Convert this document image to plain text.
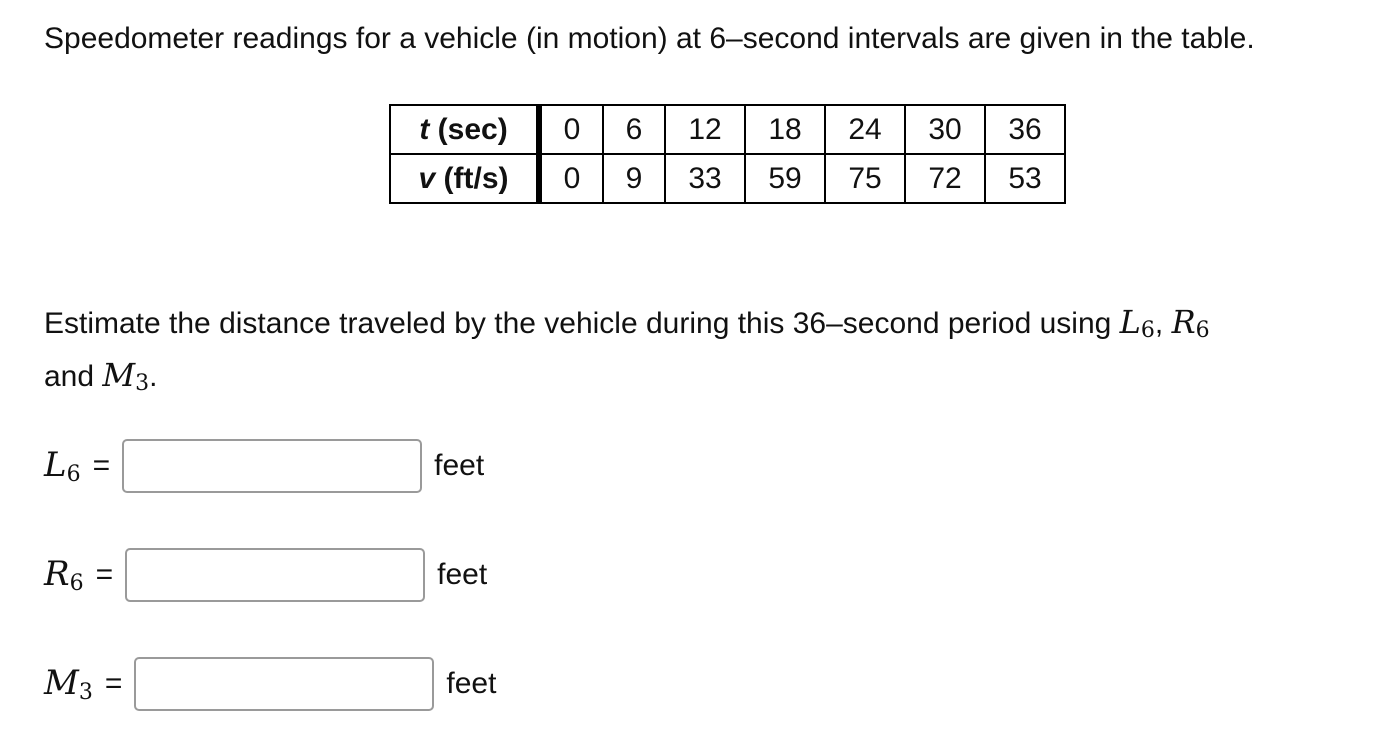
Speedometer readings for a vehicle (in motion) at 6–second intervals are given in the table.

t (sec)	0	6	12	18	24	30	36
v (ft/s)	0	9	33	59	75	72	53

Estimate the distance traveled by the vehicle during this 36–second period using $L_6$, $R_6$
and $M_3$.

$L_6$ =	feet
$R_6$ =	feet
$M_3$ =	feet
